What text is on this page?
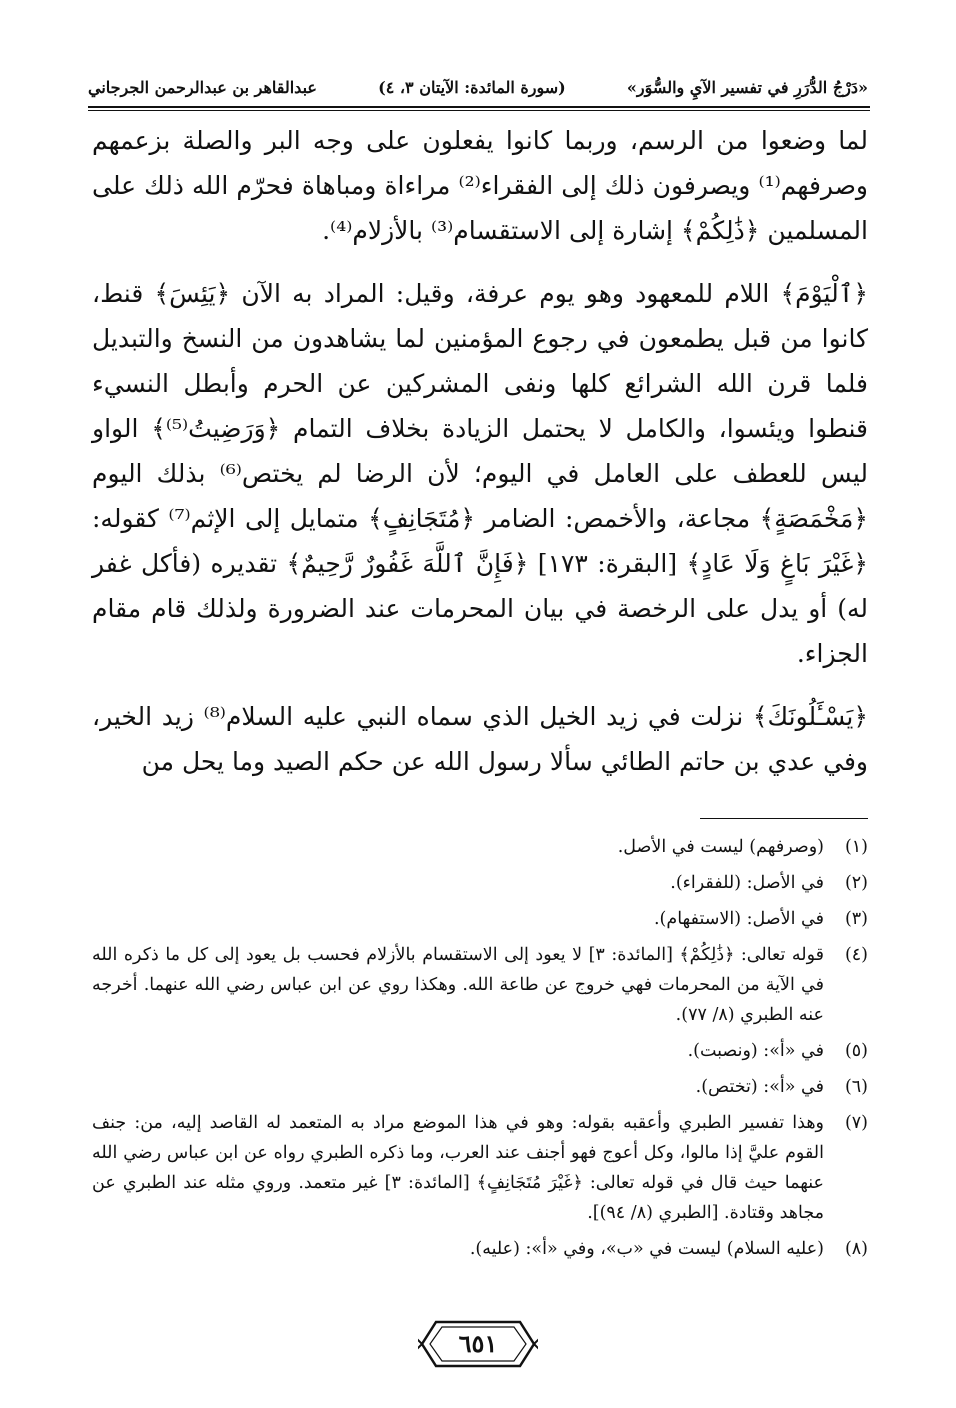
«دَرْجُ الدُّرَرِ في تفسير الآيِ والسُّوَر»
(سورة المائدة: الآيتان ٣، ٤)
عبدالقاهر بن عبدالرحمن الجرجاني

لما وضعوا من الرسم، وربما كانوا يفعلون على وجه البر والصلة بزعمهم وصرفهم⁽¹⁾ ويصرفون ذلك إلى الفقراء⁽²⁾ مراءاة ومباهاة فحرّم الله ذلك على المسلمين ﴿ذَٰلِكُمْ﴾ إشارة إلى الاستقسام⁽³⁾ بالأزلام⁽⁴⁾.

﴿ٱلْيَوْمَ﴾ اللام للمعهود وهو يوم عرفة، وقيل: المراد به الآن ﴿يَئِسَ﴾ قنط، كانوا من قبل يطمعون في رجوع المؤمنين لما يشاهدون من النسخ والتبديل فلما قرن الله الشرائع كلها ونفى المشركين عن الحرم وأبطل النسيء قنطوا ويئسوا، والكامل لا يحتمل الزيادة بخلاف التمام ﴿وَرَضِيتُ⁽⁵⁾﴾ الواو ليس للعطف على العامل في اليوم؛ لأن الرضا لم يختص⁽⁶⁾ بذلك اليوم ﴿مَخْمَصَةٍ﴾ مجاعة، والأخمص: الضامر ﴿مُتَجَانِفٍ﴾ متمايل إلى الإثم⁽⁷⁾ كقوله: ﴿غَيْرَ بَاغٍ وَلَا عَادٍ﴾ [البقرة: ١٧٣] ﴿فَإِنَّ ٱللَّهَ غَفُورٌ رَّحِيمٌ﴾ تقديره (فأكل غفر له) أو يدل على الرخصة في بيان المحرمات عند الضرورة ولذلك قام مقام الجزاء.

﴿يَسْـَٔلُونَكَ﴾ نزلت في زيد الخيل الذي سماه النبي عليه السلام⁽⁸⁾ زيد الخير، وفي عدي بن حاتم الطائي سألا رسول الله عن حكم الصيد وما يحل من

(١)
(وصرفهم) ليست في الأصل.
(٢)
في الأصل: (للفقراء).
(٣)
في الأصل: (الاستفهام).
(٤)
قوله تعالى: ﴿ذَٰلِكُمْ﴾ [المائدة: ٣] لا يعود إلى الاستقسام بالأزلام فحسب بل يعود إلى كل ما ذكره الله في الآية من المحرمات فهي خروج عن طاعة الله. وهكذا روي عن ابن عباس رضي الله عنهما. أخرجه عنه الطبري (٨/ ٧٧).
(٥)
في «أ»: (ونصبت).
(٦)
في «أ»: (تختص).
(٧)
وهذا تفسير الطبري وأعقبه بقوله: وهو في هذا الموضع مراد به المتعمد له القاصد إليه، من: جنف القوم عليَّ إذا مالوا، وكل أعوج فهو أجنف عند العرب، وما ذكره الطبري رواه عن ابن عباس رضي الله عنهما حيث قال في قوله تعالى: ﴿غَيْرَ مُتَجَانِفٍ﴾ [المائدة: ٣] غير متعمد. وروي مثله عند الطبري عن مجاهد وقتادة. [الطبري (٨/ ٩٤)].
(٨)
(عليه السلام) ليست في «ب»، وفي «أ»: (عليه).
٦٥١
